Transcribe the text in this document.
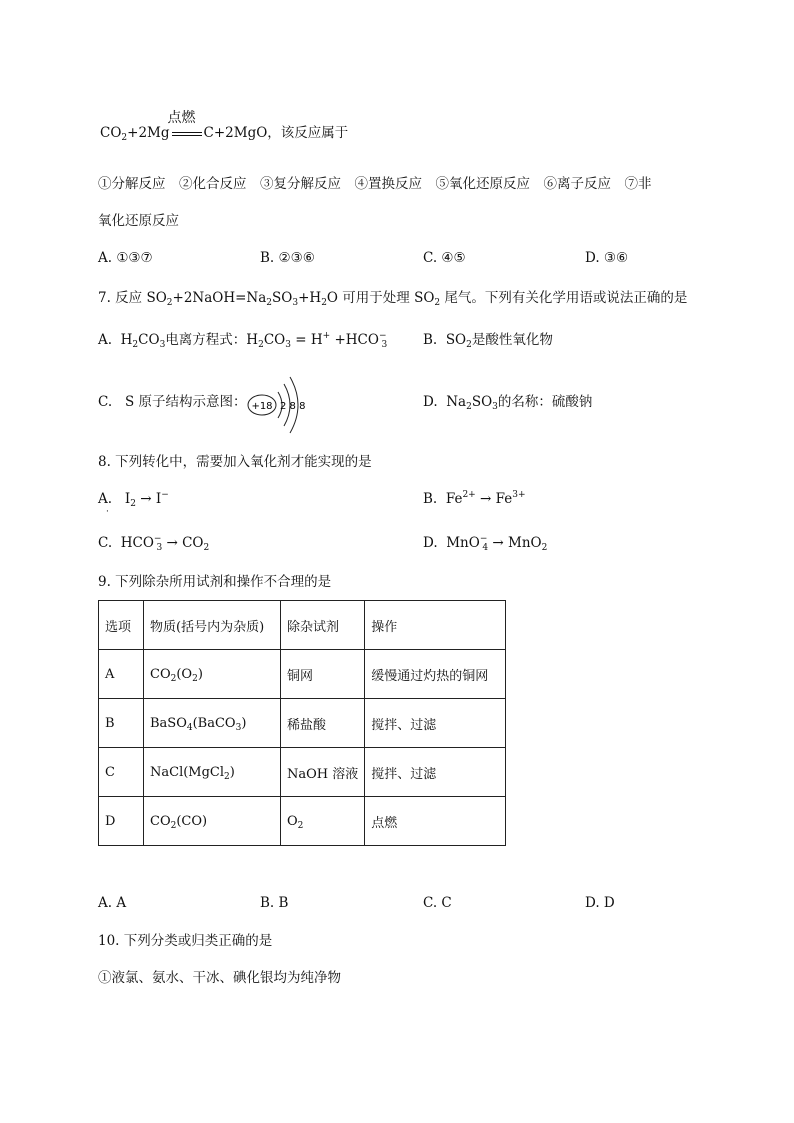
$CO_2+2Mg$
点燃
C+2MgO，该反应属于
①分解反应　②化合反应　③复分解反应　④置换反应　⑤氧化还原反应　⑥离子反应　⑦非
氧化还原反应
A. ①③⑦	B. ②③⑥	C. ④⑤	D. ③⑥
7. 反应 $SO_2+2NaOH=Na_2SO_3+H_2O$ 可用于处理 $SO_2$ 尾气。下列有关化学用语或说法正确的是
A. $H_2CO_3$电离方程式：$H_2CO_3 = H^+ +HCO^-_3$	B. $SO_2$是酸性氧化物
C. S 原子结构示意图： +18 2 8 8	D. $Na_2SO_3$的名称：硫酸钠
8. 下列转化中，需要加入氧化剂才能实现的是
A. $I_2 \to I^-$
·
B. $Fe^{2+} \to Fe^{3+}$
C. $HCO^-_3 \to CO_2$	D. MnO−$_4$ → MnO$_2$
9. 下列除杂所用试剂和操作不合理的是
选项	物质(括号内为杂质)	除杂试剂	操作
A	$CO_2(O_2)$	铜网	缓慢通过灼热的铜网
B	BaSO$_4$(BaCO$_3$)	稀盐酸	搅拌、过滤
C	NaCl(MgCl$_2$)	NaOH 溶液	搅拌、过滤
D	$CO_2(CO)$	$O_2$	点燃
A. A	B. B	C. C	D. D
10. 下列分类或归类正确的是
①液氯、氨水、干冰、碘化银均为纯净物
